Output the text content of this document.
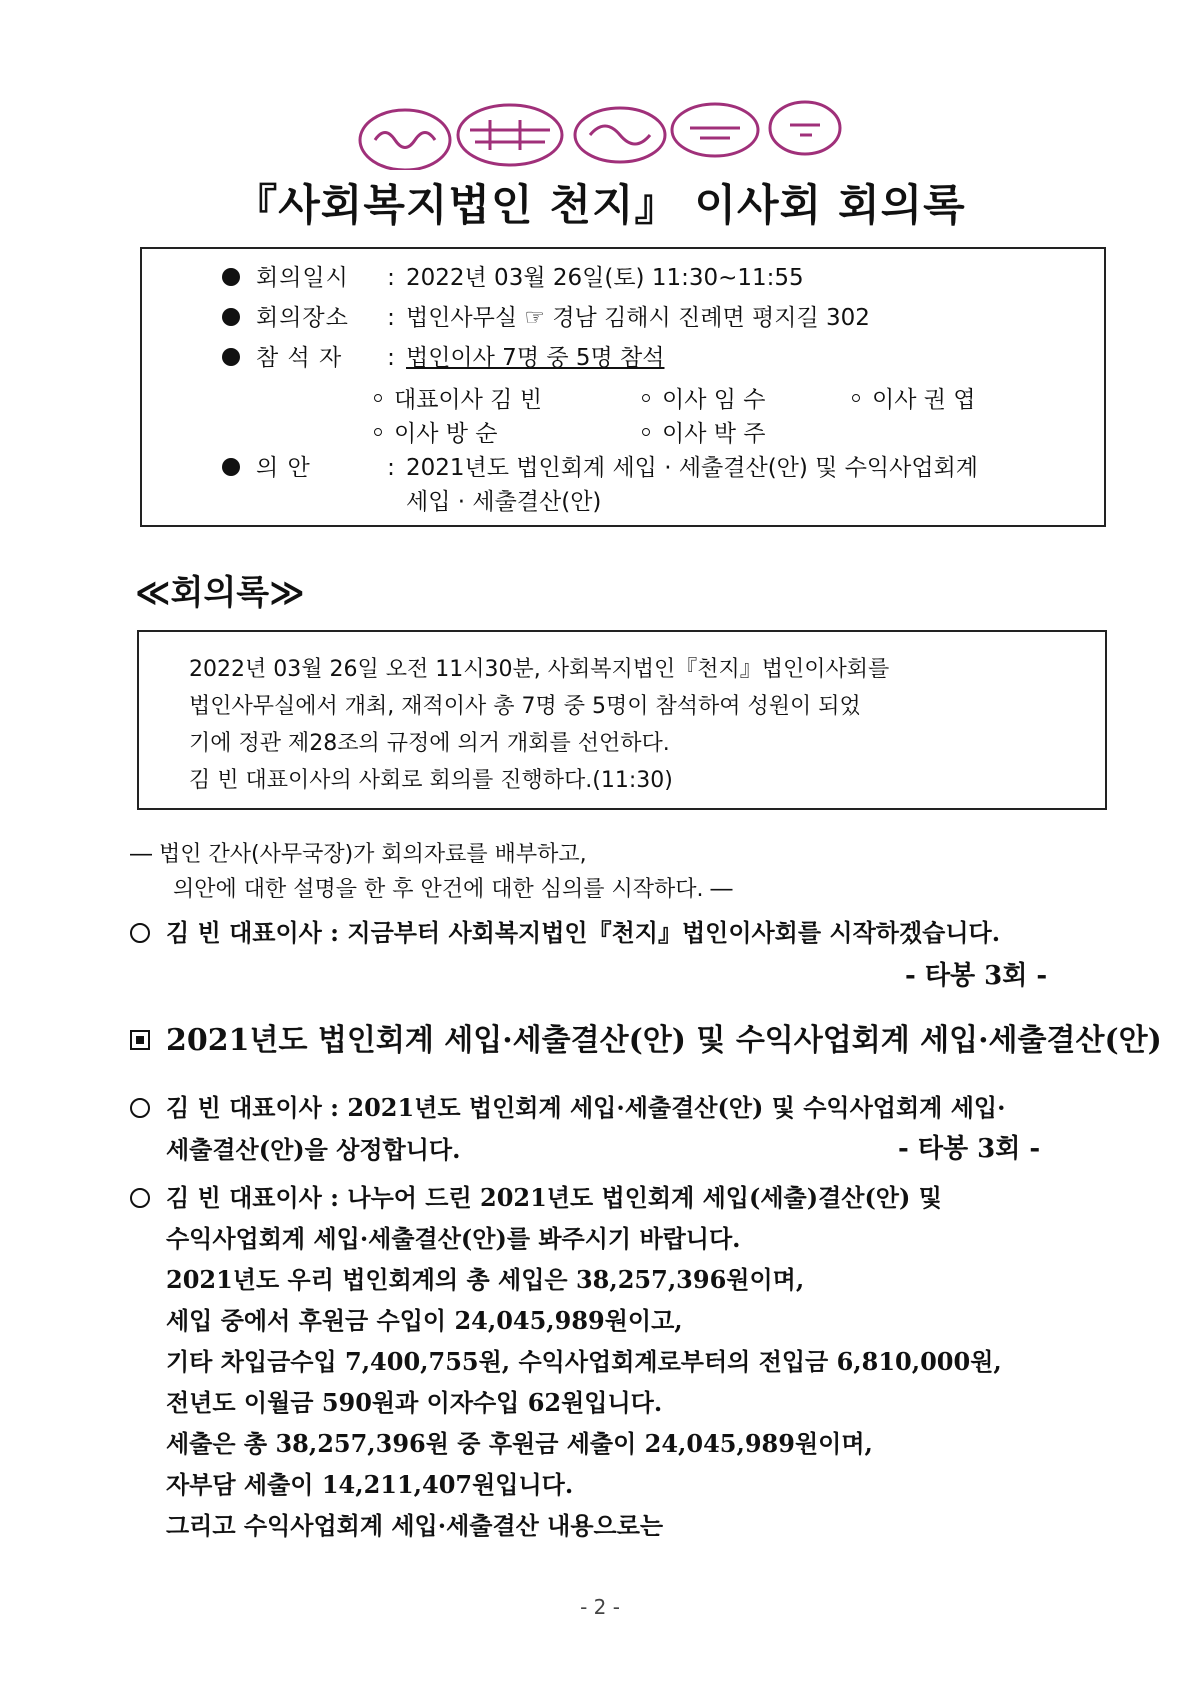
『사회복지법인 천지』 이사회 회의록
회의일시 : 2022년 03월 26일(토) 11:30~11:55
회의장소 : 법인사무실 ☞ 경남 김해시 진례면 평지길 302
참 석 자 : 법인이사 7명 중 5명 참석
대표이사 김 빈	이사 임 수	이사 권 엽
이사 방 순	이사 박 주
의 안	: 2021년도 법인회계 세입 · 세출결산(안) 및 수익사업회계
세입 · 세출결산(안)
≪회의록≫
2022년 03월 26일 오전 11시30분, 사회복지법인『천지』법인이사회를
법인사무실에서 개최, 재적이사 총 7명 중 5명이 참석하여 성원이 되었
기에 정관 제28조의 규정에 의거 개회를 선언하다.
김 빈 대표이사의 사회로 회의를 진행하다.(11:30)
― 법인 간사(사무국장)가 회의자료를 배부하고,
의안에 대한 설명을 한 후 안건에 대한 심의를 시작하다. ―
김 빈 대표이사 : 지금부터 사회복지법인『천지』법인이사회를 시작하겠습니다.
- 타봉 3회 -
2021년도 법인회계 세입·세출결산(안) 및 수익사업회계 세입·세출결산(안)
김 빈 대표이사 : 2021년도 법인회계 세입·세출결산(안) 및 수익사업회계 세입·
세출결산(안)을 상정합니다.	- 타봉 3회 -
김 빈 대표이사 : 나누어 드린 2021년도 법인회계 세입(세출)결산(안) 및
수익사업회계 세입·세출결산(안)를 봐주시기 바랍니다.
2021년도 우리 법인회계의 총 세입은 38,257,396원이며,
세입 중에서 후원금 수입이 24,045,989원이고,
기타 차입금수입 7,400,755원, 수익사업회계로부터의 전입금 6,810,000원,
전년도 이월금 590원과 이자수입 62원입니다.
세출은 총 38,257,396원 중 후원금 세출이 24,045,989원이며,
자부담 세출이 14,211,407원입니다.
그리고 수익사업회계 세입·세출결산 내용으로는
- 2 -
